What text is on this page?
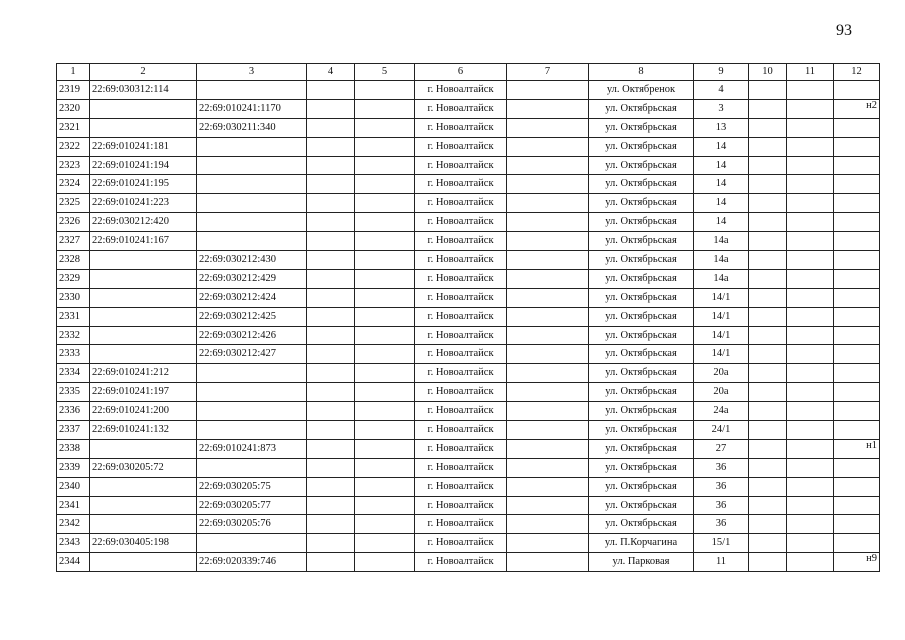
93
1	2	3	4	5	6	7	8	9	10	11	12
2319	22:69:030312:114				г. Новоалтайск		ул. Октябренок	4			
2320		22:69:010241:1170			г. Новоалтайск		ул. Октябрьская	3			н2
2321		22:69:030211:340			г. Новоалтайск		ул. Октябрьская	13			
2322	22:69:010241:181				г. Новоалтайск		ул. Октябрьская	14			
2323	22:69:010241:194				г. Новоалтайск		ул. Октябрьская	14			
2324	22:69:010241:195				г. Новоалтайск		ул. Октябрьская	14			
2325	22:69:010241:223				г. Новоалтайск		ул. Октябрьская	14			
2326	22:69:030212:420				г. Новоалтайск		ул. Октябрьская	14			
2327	22:69:010241:167				г. Новоалтайск		ул. Октябрьская	14а			
2328		22:69:030212:430			г. Новоалтайск		ул. Октябрьская	14а			
2329		22:69:030212:429			г. Новоалтайск		ул. Октябрьская	14а			
2330		22:69:030212:424			г. Новоалтайск		ул. Октябрьская	14/1			
2331		22:69:030212:425			г. Новоалтайск		ул. Октябрьская	14/1			
2332		22:69:030212:426			г. Новоалтайск		ул. Октябрьская	14/1			
2333		22:69:030212:427			г. Новоалтайск		ул. Октябрьская	14/1			
2334	22:69:010241:212				г. Новоалтайск		ул. Октябрьская	20а			
2335	22:69:010241:197				г. Новоалтайск		ул. Октябрьская	20а			
2336	22:69:010241:200				г. Новоалтайск		ул. Октябрьская	24а			
2337	22:69:010241:132				г. Новоалтайск		ул. Октябрьская	24/1			
2338		22:69:010241:873			г. Новоалтайск		ул. Октябрьская	27			н1
2339	22:69:030205:72				г. Новоалтайск		ул. Октябрьская	36			
2340		22:69:030205:75			г. Новоалтайск		ул. Октябрьская	36			
2341		22:69:030205:77			г. Новоалтайск		ул. Октябрьская	36			
2342		22:69:030205:76			г. Новоалтайск		ул. Октябрьская	36			
2343	22:69:030405:198				г. Новоалтайск		ул. П.Корчагина	15/1			
2344		22:69:020339:746			г. Новоалтайск		ул. Парковая	11			н9
